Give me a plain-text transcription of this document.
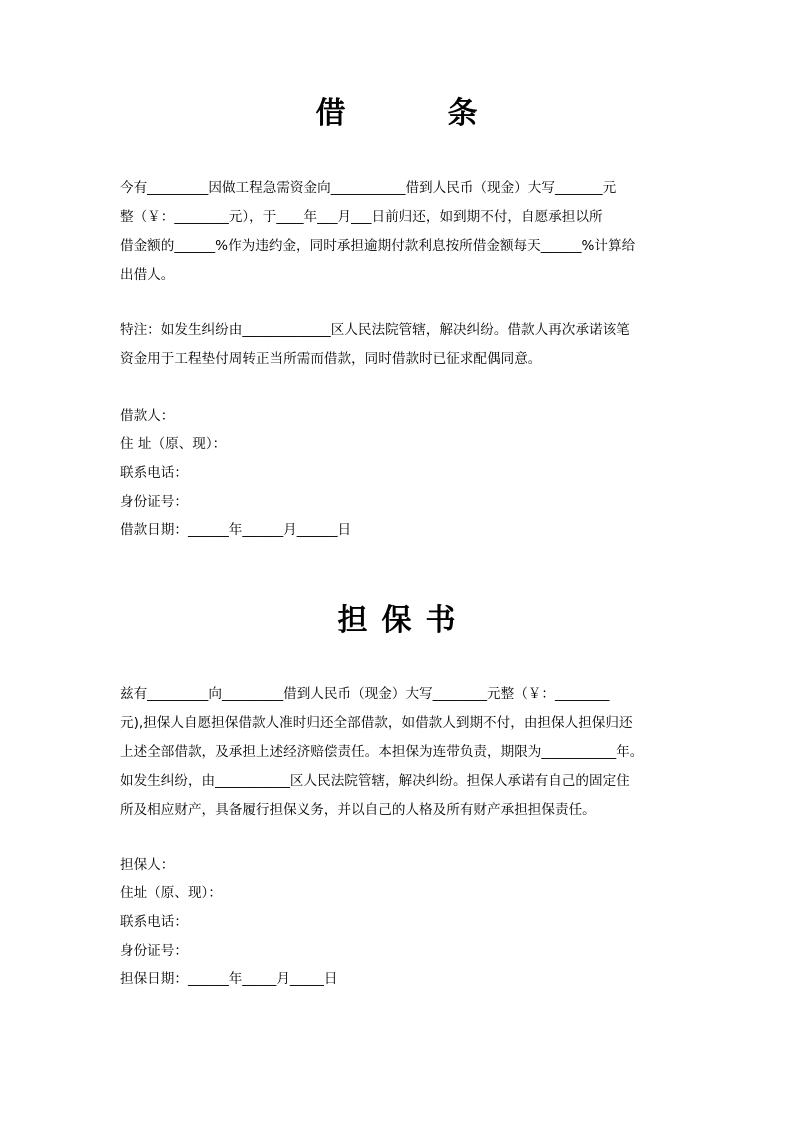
借　条
今有_________因做工程急需资金向___________借到人民币（现金）大写_______元
整（￥：________元），于____年___月___日前归还，如到期不付，自愿承担以所
借金额的______%作为违约金，同时承担逾期付款利息按所借金额每天______%计算给
出借人。
特注：如发生纠纷由_____________区人民法院管辖，解决纠纷。借款人再次承诺该笔
资金用于工程垫付周转正当所需而借款，同时借款时已征求配偶同意。
借款人：
住 址（原、现）：
联系电话：
身份证号：
借款日期：______年______月______日
担保书
兹有_________向_________借到人民币（现金）大写________元整（￥：________
元),担保人自愿担保借款人准时归还全部借款，如借款人到期不付，由担保人担保归还
上述全部借款，及承担上述经济赔偿责任。本担保为连带负责，期限为___________年。
如发生纠纷，由___________区人民法院管辖，解决纠纷。担保人承诺有自己的固定住
所及相应财产，具备履行担保义务，并以自己的人格及所有财产承担担保责任。
担保人：
住址（原、现）：
联系电话：
身份证号：
担保日期：______年_____月_____日
